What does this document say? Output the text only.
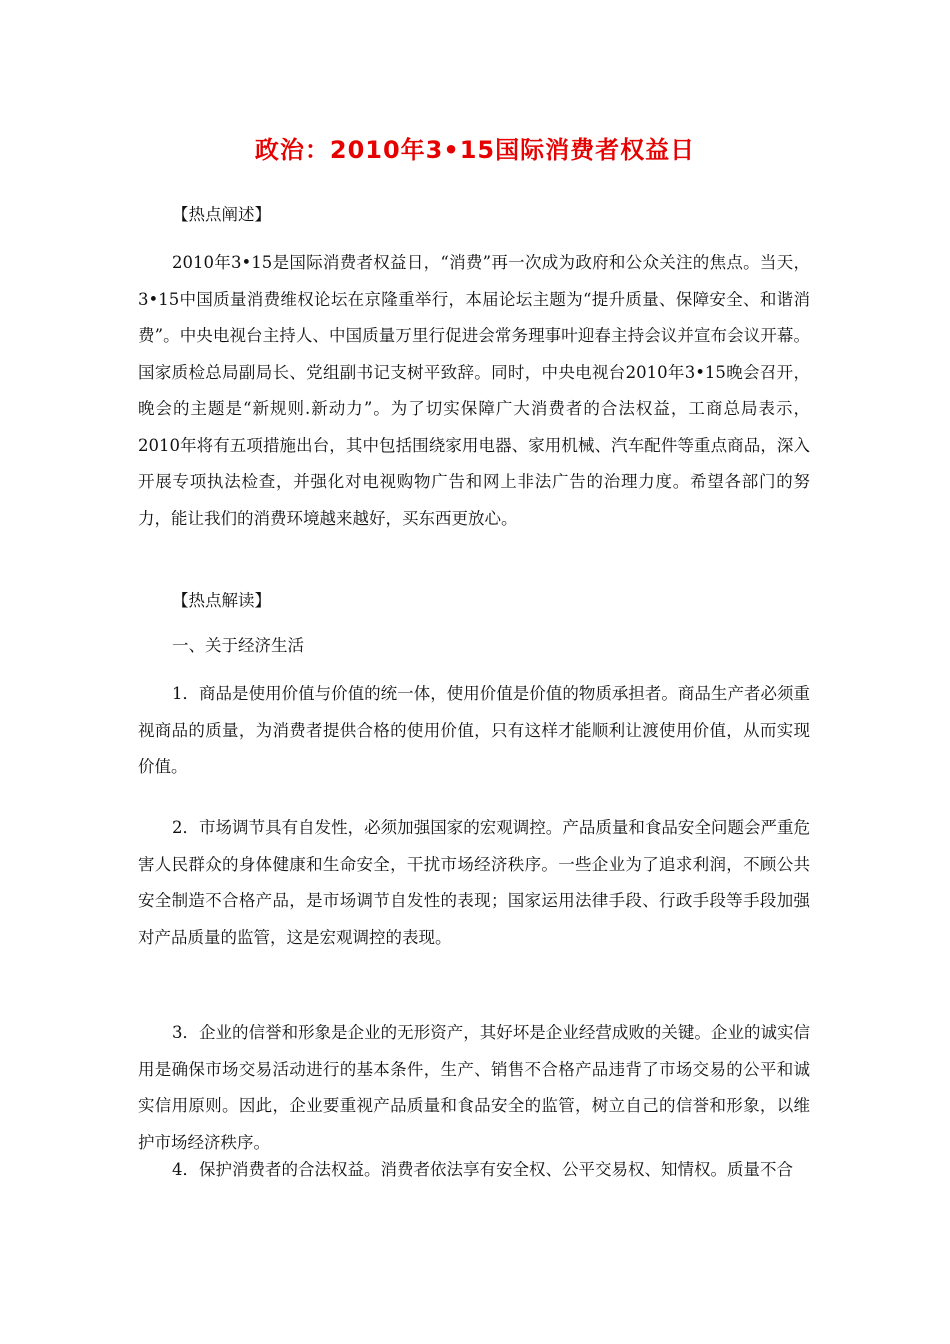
政治：2010年3•15国际消费者权益日

【热点阐述】

2010年3•15是国际消费者权益日，“消费”再一次成为政府和公众关注的焦点。当天，3•15中国质量消费维权论坛在京隆重举行，本届论坛主题为“提升质量、保障安全、和谐消费”。中央电视台主持人、中国质量万里行促进会常务理事叶迎春主持会议并宣布会议开幕。国家质检总局副局长、党组副书记支树平致辞。同时，中央电视台2010年3•15晚会召开，晚会的主题是“新规则.新动力”。为了切实保障广大消费者的合法权益，工商总局表示，2010年将有五项措施出台，其中包括围绕家用电器、家用机械、汽车配件等重点商品，深入开展专项执法检查，并强化对电视购物广告和网上非法广告的治理力度。希望各部门的努力，能让我们的消费环境越来越好，买东西更放心。

【热点解读】

一、关于经济生活

1．商品是使用价值与价值的统一体，使用价值是价值的物质承担者。商品生产者必须重视商品的质量，为消费者提供合格的使用价值，只有这样才能顺利让渡使用价值，从而实现价值。

2．市场调节具有自发性，必须加强国家的宏观调控。产品质量和食品安全问题会严重危害人民群众的身体健康和生命安全，干扰市场经济秩序。一些企业为了追求利润，不顾公共安全制造不合格产品，是市场调节自发性的表现；国家运用法律手段、行政手段等手段加强对产品质量的监管，这是宏观调控的表现。

3．企业的信誉和形象是企业的无形资产，其好坏是企业经营成败的关键。企业的诚实信用是确保市场交易活动进行的基本条件，生产、销售不合格产品违背了市场交易的公平和诚实信用原则。因此，企业要重视产品质量和食品安全的监管，树立自己的信誉和形象，以维护市场经济秩序。

4．保护消费者的合法权益。消费者依法享有安全权、公平交易权、知情权。质量不合
